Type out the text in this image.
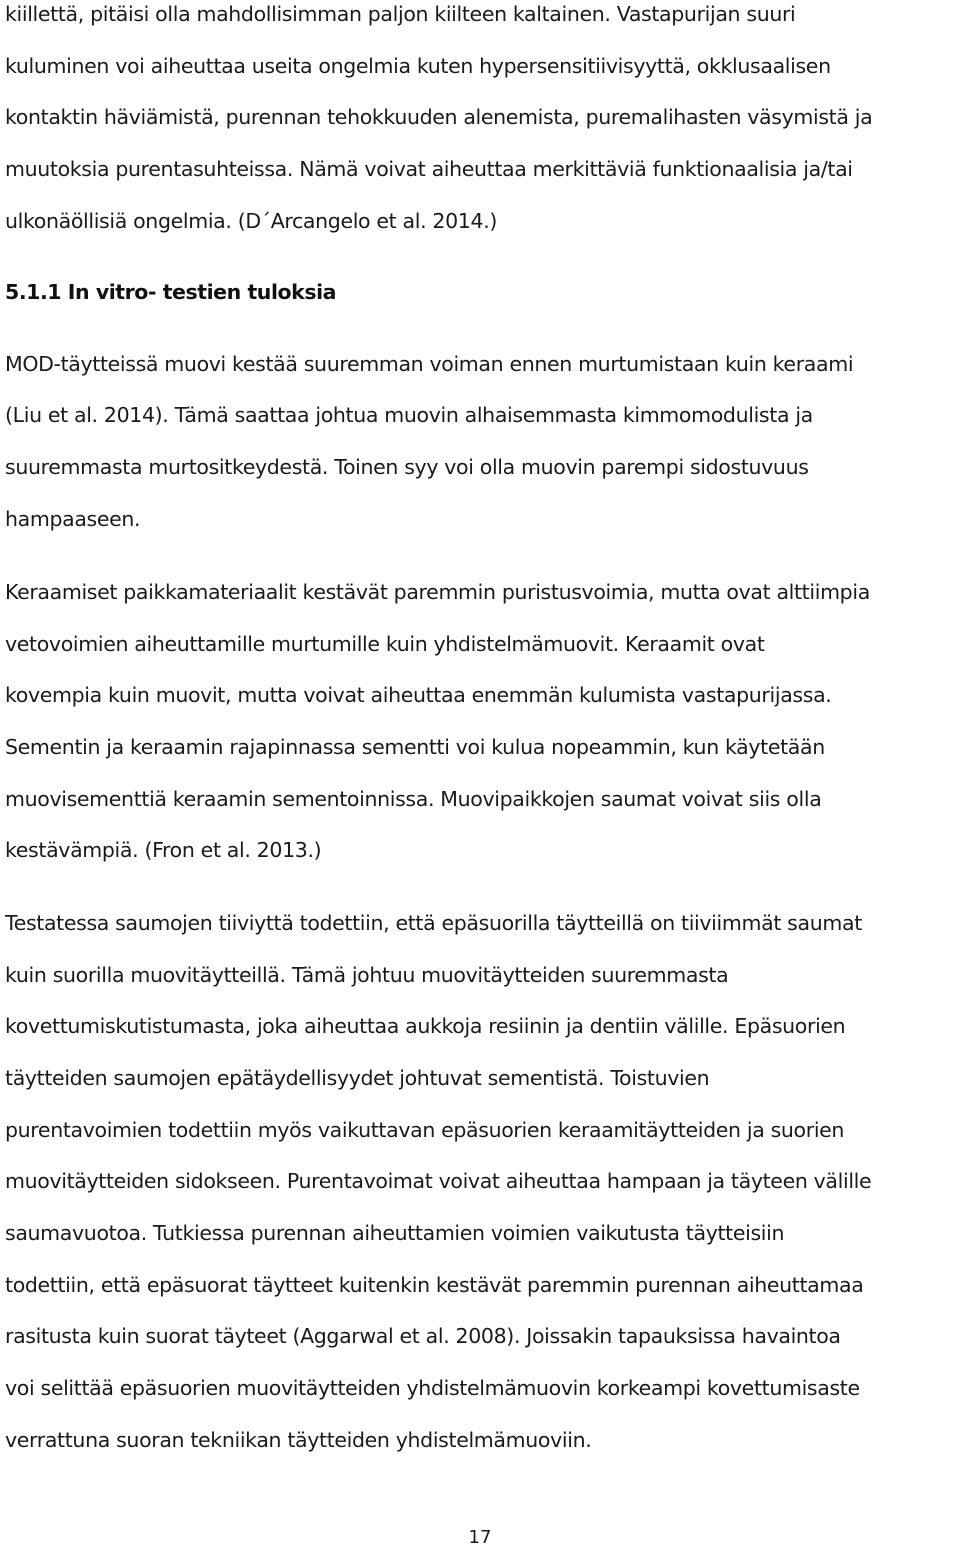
kiillettä, pitäisi olla mahdollisimman paljon kiilteen kaltainen. Vastapurijan suuri
kuluminen voi aiheuttaa useita ongelmia kuten hypersensitiivisyyttä, okklusaalisen
kontaktin häviämistä, purennan tehokkuuden alenemista, puremalihasten väsymistä ja
muutoksia purentasuhteissa. Nämä voivat aiheuttaa merkittäviä funktionaalisia ja/tai
ulkonäöllisiä ongelmia. (D´Arcangelo et al. 2014.)
5.1.1 In vitro- testien tuloksia
MOD-täytteissä muovi kestää suuremman voiman ennen murtumistaan kuin keraami
(Liu et al. 2014). Tämä saattaa johtua muovin alhaisemmasta kimmomodulista ja
suuremmasta murtositkeydestä. Toinen syy voi olla muovin parempi sidostuvuus
hampaaseen.
Keraamiset paikkamateriaalit kestävät paremmin puristusvoimia, mutta ovat alttiimpia
vetovoimien aiheuttamille murtumille kuin yhdistelmämuovit. Keraamit ovat
kovempia kuin muovit, mutta voivat aiheuttaa enemmän kulumista vastapurijassa.
Sementin ja keraamin rajapinnassa sementti voi kulua nopeammin, kun käytetään
muovisementtiä keraamin sementoinnissa. Muovipaikkojen saumat voivat siis olla
kestävämpiä. (Fron et al. 2013.)
Testatessa saumojen tiiviyttä todettiin, että epäsuorilla täytteillä on tiiviimmät saumat
kuin suorilla muovitäytteillä. Tämä johtuu muovitäytteiden suuremmasta
kovettumiskutistumasta, joka aiheuttaa aukkoja resiinin ja dentiin välille. Epäsuorien
täytteiden saumojen epätäydellisyydet johtuvat sementistä. Toistuvien
purentavoimien todettiin myös vaikuttavan epäsuorien keraamitäytteiden ja suorien
muovitäytteiden sidokseen. Purentavoimat voivat aiheuttaa hampaan ja täyteen välille
saumavuotoa. Tutkiessa purennan aiheuttamien voimien vaikutusta täytteisiin
todettiin, että epäsuorat täytteet kuitenkin kestävät paremmin purennan aiheuttamaa
rasitusta kuin suorat täyteet (Aggarwal et al. 2008). Joissakin tapauksissa havaintoa
voi selittää epäsuorien muovitäytteiden yhdistelmämuovin korkeampi kovettumisaste
verrattuna suoran tekniikan täytteiden yhdistelmämuoviin.
17
